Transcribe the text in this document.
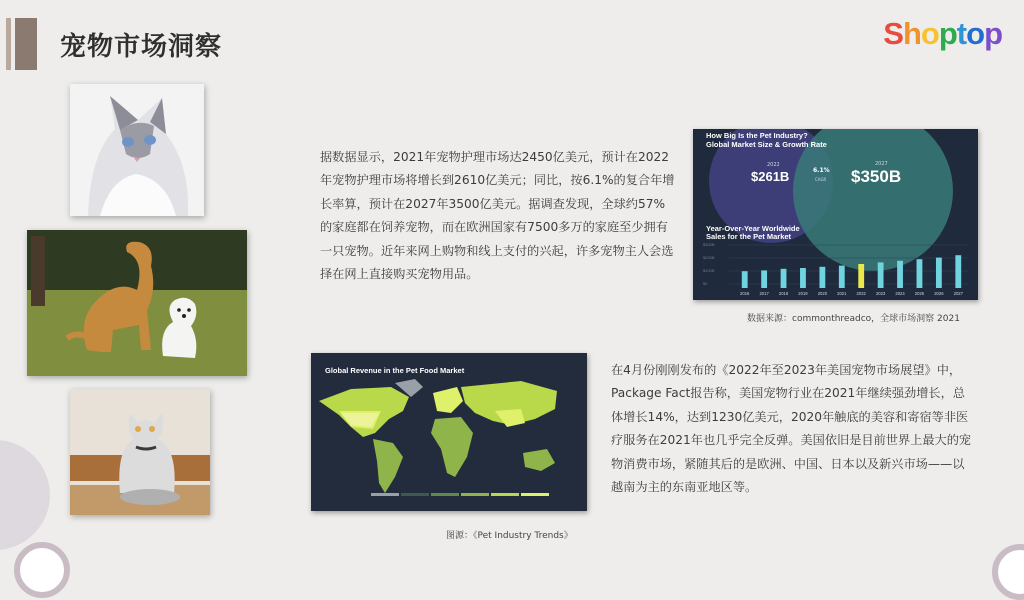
宠物市场洞察	Shoptop
据数据显示，2021年宠物护理市场达2450亿美元，预计在2022年宠物护理市场将增长到2610亿美元；同比，按6.1%的复合年增长率算，预计在2027年3500亿美元。据调查发现，全球约57%的家庭都在饲养宠物，而在欧洲国家有7500多万的家庭至少拥有一只宠物。近年来网上购物和线上支付的兴起，许多宠物主人会选择在网上直接购买宠物用品。
How Big Is the Pet Industry?
Global Market Size & Growth Rate
2022
$261B	6.1%
CAGR
2027
$350B
Year-Over-Year Worldwide
Sales for the Pet Market
$300B
$200B
$100B
$0
2016 2017 2018 2019 2020 2021 2022 2023 2024 2025 2026 2027
数据来源：commonthreadco，全球市场洞察 2021
Global Revenue in the Pet Food Market	在4月份刚刚发布的《2022年至2023年美国宠物市场展望》中，Package Fact报告称，美国宠物行业在2021年继续强劲增长，总体增长14%，达到1230亿美元，2020年触底的美容和寄宿等非医疗服务在2021年也几乎完全反弹。美国依旧是目前世界上最大的宠物消费市场，紧随其后的是欧洲、中国、日本以及新兴市场——以越南为主的东南亚地区等。
图源：《Pet Industry Trends》
